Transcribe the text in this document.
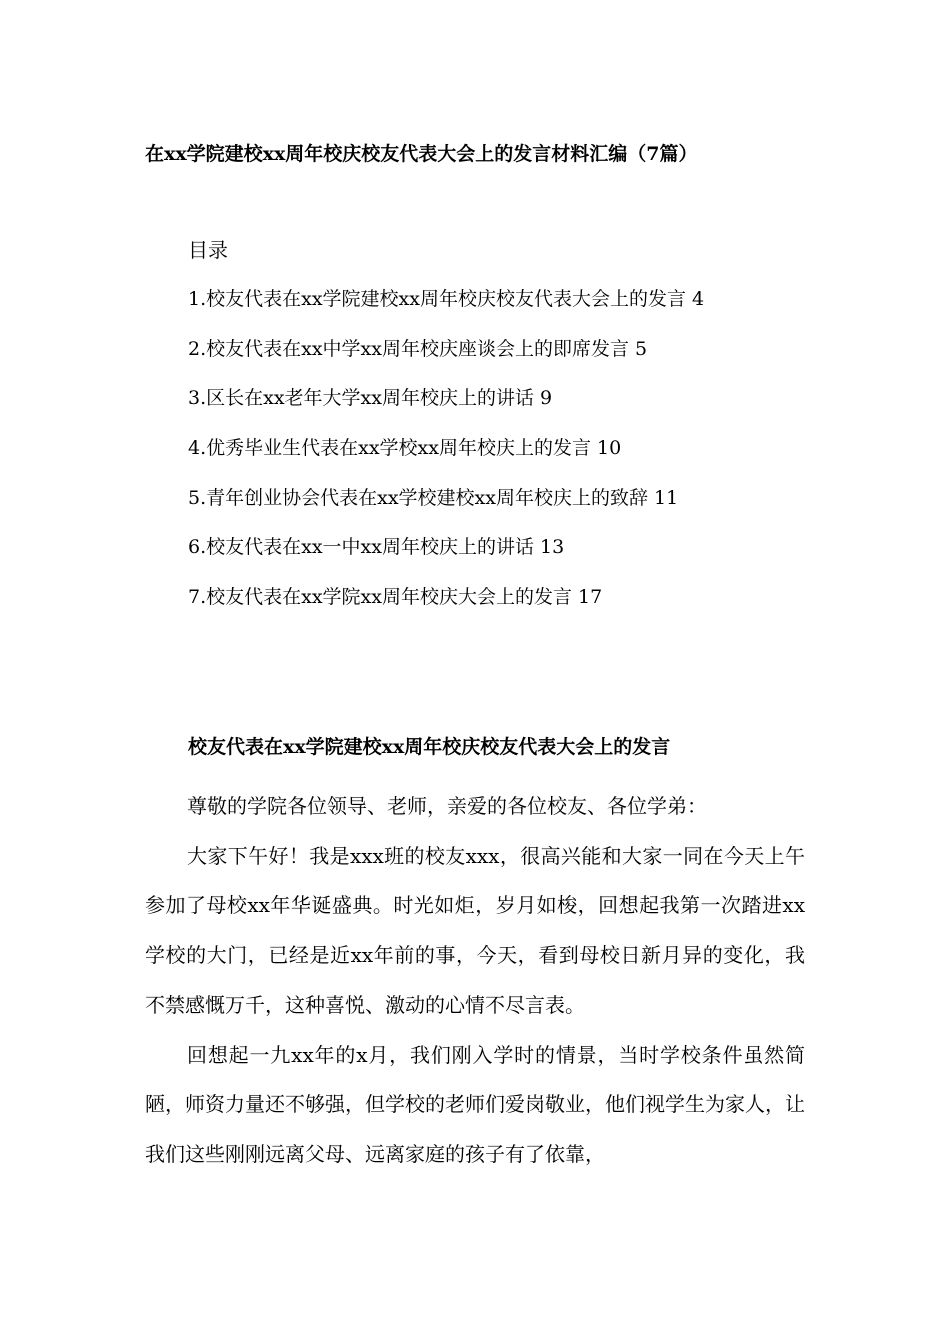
在xx学院建校xx周年校庆校友代表大会上的发言材料汇编（7篇）
目录
1.校友代表在xx学院建校xx周年校庆校友代表大会上的发言 4
2.校友代表在xx中学xx周年校庆座谈会上的即席发言 5
3.区长在xx老年大学xx周年校庆上的讲话 9
4.优秀毕业生代表在xx学校xx周年校庆上的发言 10
5.青年创业协会代表在xx学校建校xx周年校庆上的致辞 11
6.校友代表在xx一中xx周年校庆上的讲话 13
7.校友代表在xx学院xx周年校庆大会上的发言 17
校友代表在xx学院建校xx周年校庆校友代表大会上的发言

尊敬的学院各位领导、老师，亲爱的各位校友、各位学弟：

大家下午好！我是xxx班的校友xxx，很高兴能和大家一同在今天上午参加了母校xx年华诞盛典。时光如炬，岁月如梭，回想起我第一次踏进xx学校的大门，已经是近xx年前的事，今天，看到母校日新月异的变化，我不禁感慨万千，这种喜悦、激动的心情不尽言表。

回想起一九xx年的x月，我们刚入学时的情景，当时学校条件虽然简陋，师资力量还不够强，但学校的老师们爱岗敬业，他们视学生为家人，让我们这些刚刚远离父母、远离家庭的孩子有了依靠，
